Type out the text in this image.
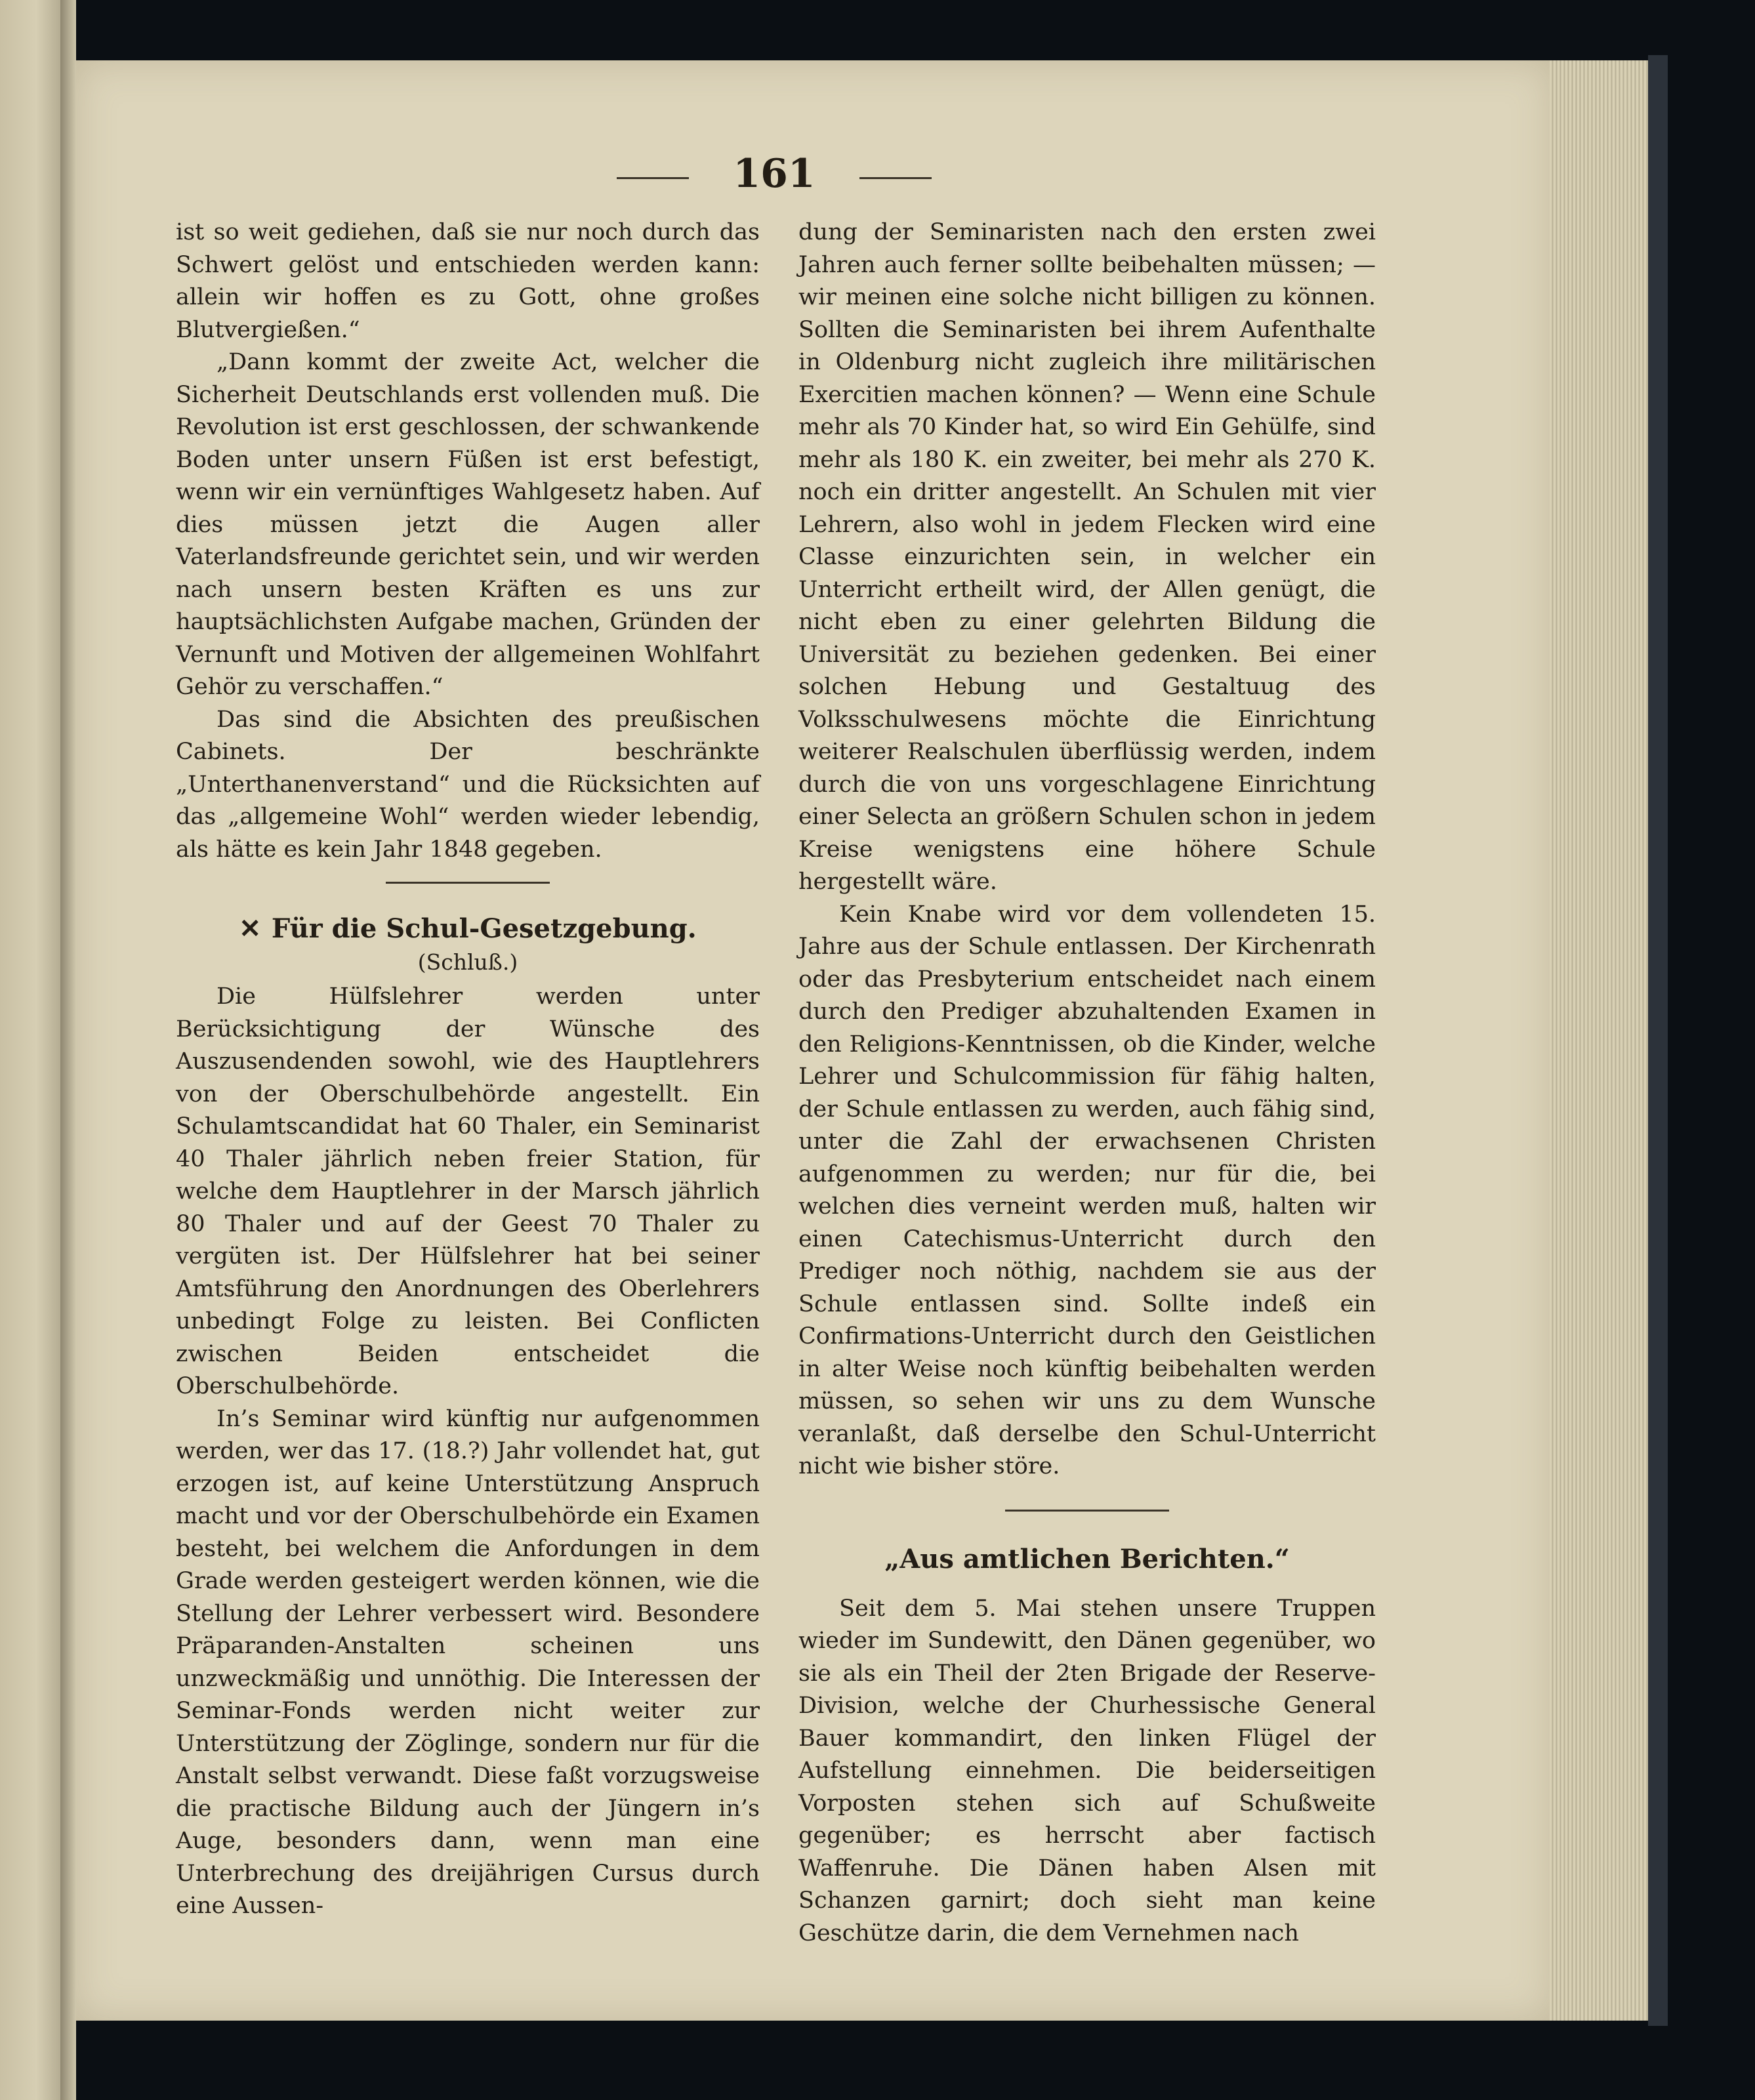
161

ist so weit gediehen, daß sie nur noch durch das Schwert gelöst und entschieden werden kann: allein wir hoffen es zu Gott, ohne großes Blutvergießen.“

„Dann kommt der zweite Act, welcher die Sicherheit Deutschlands erst vollenden muß. Die Revolution ist erst geschlossen, der schwankende Boden unter unsern Füßen ist erst befestigt, wenn wir ein vernünftiges Wahlgesetz haben. Auf dies müssen jetzt die Augen aller Vaterlandsfreunde gerichtet sein, und wir werden nach unsern besten Kräften es uns zur hauptsächlichsten Aufgabe machen, Gründen der Vernunft und Motiven der allgemeinen Wohlfahrt Gehör zu verschaffen.“

Das sind die Absichten des preußischen Cabinets. Der beschränkte „Unterthanenverstand“ und die Rücksichten auf das „allgemeine Wohl“ werden wieder lebendig, als hätte es kein Jahr 1848 gegeben.

✕ Für die Schul-Gesetzgebung.
(Schluß.)

Die Hülfslehrer werden unter Berücksichtigung der Wünsche des Auszusendenden sowohl, wie des Hauptlehrers von der Oberschulbehörde angestellt. Ein Schulamtscandidat hat 60 Thaler, ein Seminarist 40 Thaler jährlich neben freier Station, für welche dem Hauptlehrer in der Marsch jährlich 80 Thaler und auf der Geest 70 Thaler zu vergüten ist. Der Hülfslehrer hat bei seiner Amtsführung den Anordnungen des Oberlehrers unbedingt Folge zu leisten. Bei Conflicten zwischen Beiden entscheidet die Oberschulbehörde.

In’s Seminar wird künftig nur aufgenommen werden, wer das 17. (18.?) Jahr vollendet hat, gut erzogen ist, auf keine Unterstützung Anspruch macht und vor der Oberschulbehörde ein Examen besteht, bei welchem die Anfordungen in dem Grade werden gesteigert werden können, wie die Stellung der Lehrer verbessert wird. Besondere Präparanden-Anstalten scheinen uns unzweckmäßig und unnöthig. Die Interessen der Seminar-Fonds werden nicht weiter zur Unterstützung der Zöglinge, sondern nur für die Anstalt selbst verwandt. Diese faßt vorzugsweise die practische Bildung auch der Jüngern in’s Auge, besonders dann, wenn man eine Unterbrechung des dreijährigen Cursus durch eine Aussen-

dung der Seminaristen nach den ersten zwei Jahren auch ferner sollte beibehalten müssen; — wir meinen eine solche nicht billigen zu können. Sollten die Seminaristen bei ihrem Aufenthalte in Oldenburg nicht zugleich ihre militärischen Exercitien machen können? — Wenn eine Schule mehr als 70 Kinder hat, so wird Ein Gehülfe, sind mehr als 180 K. ein zweiter, bei mehr als 270 K. noch ein dritter angestellt. An Schulen mit vier Lehrern, also wohl in jedem Flecken wird eine Classe einzurichten sein, in welcher ein Unterricht ertheilt wird, der Allen genügt, die nicht eben zu einer gelehrten Bildung die Universität zu beziehen gedenken. Bei einer solchen Hebung und Gestaltuug des Volksschulwesens möchte die Einrichtung weiterer Realschulen überflüssig werden, indem durch die von uns vorgeschlagene Einrichtung einer Selecta an größern Schulen schon in jedem Kreise wenigstens eine höhere Schule hergestellt wäre.

Kein Knabe wird vor dem vollendeten 15. Jahre aus der Schule entlassen. Der Kirchenrath oder das Presbyterium entscheidet nach einem durch den Prediger abzuhaltenden Examen in den Religions-Kenntnissen, ob die Kinder, welche Lehrer und Schulcommission für fähig halten, der Schule entlassen zu werden, auch fähig sind, unter die Zahl der erwachsenen Christen aufgenommen zu werden; nur für die, bei welchen dies verneint werden muß, halten wir einen Catechismus-Unterricht durch den Prediger noch nöthig, nachdem sie aus der Schule entlassen sind. Sollte indeß ein Confirmations-Unterricht durch den Geistlichen in alter Weise noch künftig beibehalten werden müssen, so sehen wir uns zu dem Wunsche veranlaßt, daß derselbe den Schul-Unterricht nicht wie bisher störe.

„Aus amtlichen Berichten.“

Seit dem 5. Mai stehen unsere Truppen wieder im Sundewitt, den Dänen gegenüber, wo sie als ein Theil der 2ten Brigade der Reserve-Division, welche der Churhessische General Bauer kommandirt, den linken Flügel der Aufstellung einnehmen. Die beiderseitigen Vorposten stehen sich auf Schußweite gegenüber; es herrscht aber factisch Waffenruhe. Die Dänen haben Alsen mit Schanzen garnirt; doch sieht man keine Geschütze darin, die dem Vernehmen nach
